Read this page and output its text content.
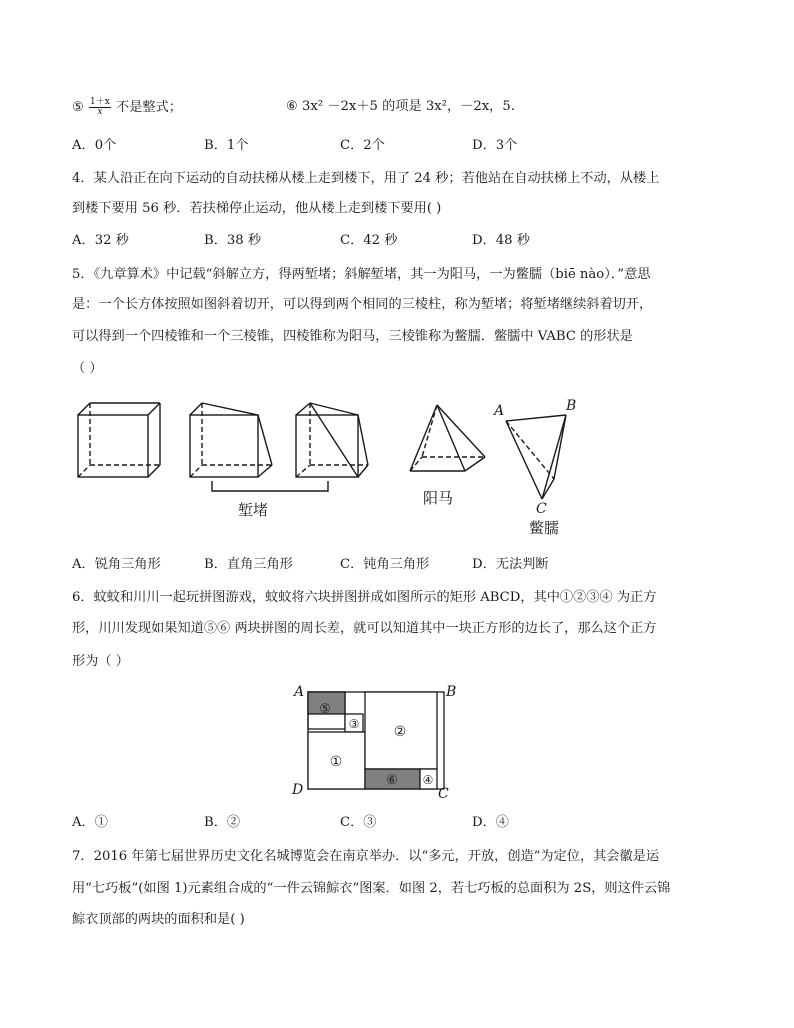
⑤ $\frac{1+x}{x}$ 不是整式；	⑥ 3x² －2x＋5 的项是 3x²，－2x，5.
A．0个	B．1个	C．2个	D．3个
4．某人沿正在向下运动的自动扶梯从楼上走到楼下，用了 24 秒；若他站在自动扶梯上不动，从楼上
到楼下要用 56 秒．若扶梯停止运动，他从楼上走到楼下要用( )
A．32 秒	B．38 秒	C．42 秒	D．48 秒
5．《九章算术》中记载“斜解立方，得两堑堵；斜解堑堵，其一为阳马，一为鳖臑（biē nào）．”意思
是：一个长方体按照如图斜着切开，可以得到两个相同的三棱柱，称为堑堵；将堑堵继续斜着切开，
可以得到一个四棱锥和一个三棱锥，四棱锥称为阳马，三棱锥称为鳖臑．鳖臑中 VABC 的形状是
（ ）
堑堵
阳马
鳖臑
A	B
C
A．锐角三角形	B．直角三角形	C．钝角三角形	D．无法判断
6．蚊蚊和川川一起玩拼图游戏，蚊蚊将六块拼图拼成如图所示的矩形 ABCD，其中①②③④ 为正方
形，川川发现如果知道⑤⑥ 两块拼图的周长差，就可以知道其中一块正方形的边长了，那么这个正方
形为（ ）
⑤
③
①
②
⑥ ④
A	B
C
D
A．①	B．②	C．③	D．④
7．2016 年第七届世界历史文化名城博览会在南京举办．以“多元，开放，创造”为定位，其会徽是运
用“七巧板”(如图 1)元素组合成的“一件云锦鯮衣”图案．如图 2，若七巧板的总面积为 2S，则这件云锦
鯮衣顶部的两块的面积和是( )
